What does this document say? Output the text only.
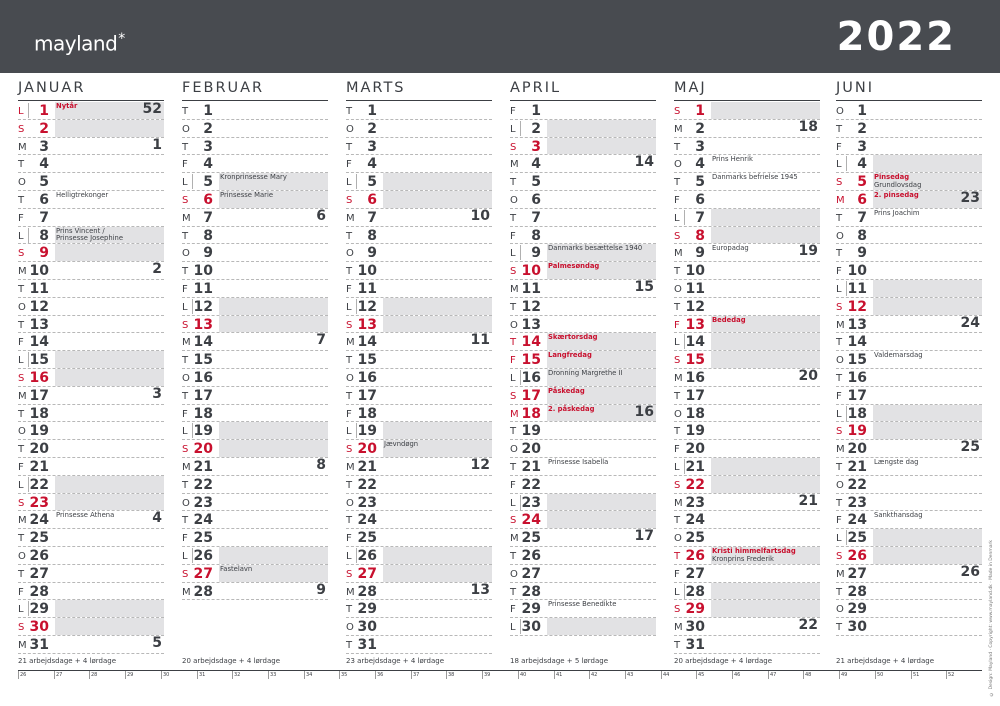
mayland*	2022
JANUAR
L	1 Nytår	52
S	2
M 3	1
T	4
O 5
T	6 Helligtrekonger
F	7
L	8 Prins Vincent /
Prinsesse Josephine
S	9
M 10	2
T 11
O 12
T 13
F 14
L 15
S 16
M 17	3
T 18
O 19
T 20
F 21
L 22
S 23
M 24 Prinsesse Athena	4
T 25
O 26
T 27
F 28
L 29
S 30
M 31	5
FEBRUAR
T	1
O 2
T	3
F	4
L	5 Kronprinsesse Mary
S	6 Prinsesse Marie
M 7	6
T	8
O 9
T 10
F 11
L 12
S 13
M 14	7
T 15
O 16
T 17
F 18
L 19
S 20
M 21	8
T 22
O 23
T 24
F 25
L 26
S 27 Fastelavn
M 28	9
MARTS
T	1
O 2
T	3
F	4
L	5
S	6
M 7	10
T	8
O 9
T 10
F 11
L 12
S 13
M 14	11
T 15
O 16
T 17
F 18
L 19
S 20 Jævndøgn
M 21	12
T 22
O 23
T 24
F 25
L 26
S 27
M 28	13
T 29
O 30
T 31
APRIL
F	1
L	2
S	3
M 4	14
T	5
O 6
T	7
F	8
L	9 Danmarks besættelse 1940
S 10 Palmesøndag
M 11	15
T 12
O 13
T 14 Skærtorsdag
F 15 Langfredag
L 16 Dronning Margrethe II
S 17 Påskedag
M 18 2. påskedag	16
T 19
O 20
T 21 Prinsesse Isabella
F 22
L 23
S 24
M 25	17
T 26
O 27
T 28
F 29 Prinsesse Benedikte
L 30
MAJ
S	1
M 2	18
T	3
O 4 Prins Henrik
T	5 Danmarks befrielse 1945
F	6
L	7
S	8
M 9 Europadag	19
T 10
O 11
T 12
F 13 Bededag
L 14
S 15
M 16	20
T 17
O 18
T 19
F 20
L 21
S 22
M 23	21
T 24
O 25
T 26 Kristi himmelfartsdag
Kronprins Frederik
F 27
L 28
S 29
M 30	22
T 31
JUNI
O 1
T	2
F	3
L	4
S	5 Pinsedag
Grundlovsdag
M 6 2. pinsedag	23
T	7 Prins Joachim
O 8
T	9
F 10
L 11
S 12
M 13	24
T 14
O 15 Valdemarsdag
T 16
F 17
L 18
S 19
M 20	25
T 21 Længste dag
O 22
T 23
F 24 Sankthansdag
L 25
S 26
M 27	26
T 28
O 29
T 30
26	27	28	29	30	31	32	33	34	35	36	37	38	39	40	41	42	43	44	45	46	47	48	49	50	51	52	© Design: Mayland · Copyright: www.mayland.dk · Made in Denmark
21 arbejdsdage + 4 lørdage	20 arbejdsdage + 4 lørdage	23 arbejdsdage + 4 lørdage	18 arbejdsdage + 5 lørdage	20 arbejdsdage + 4 lørdage	21 arbejdsdage + 4 lørdage
